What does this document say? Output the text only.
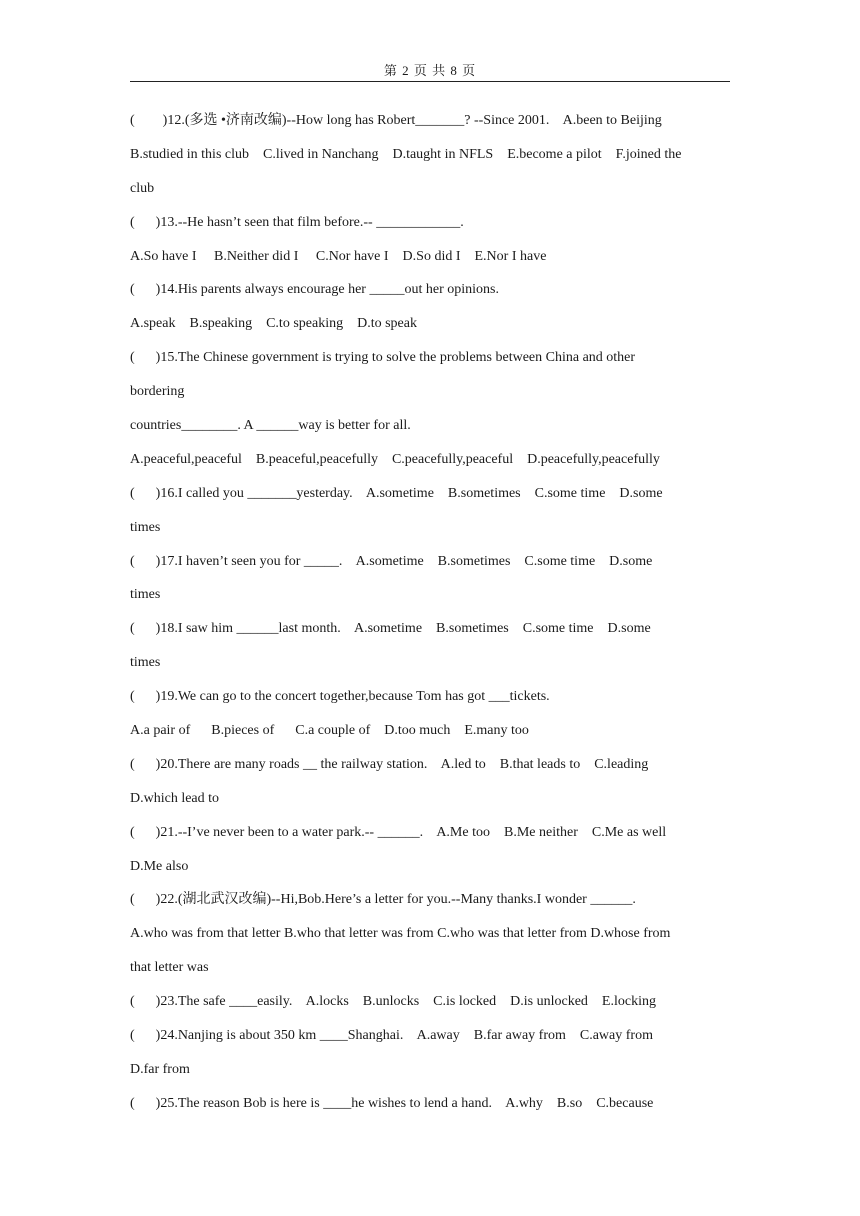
第 2 页 共 8 页
(        )12.(多选 •济南改编)--How long has Robert_______? --Since 2001.    A.been to Beijing
B.studied in this club    C.lived in Nanchang    D.taught in NFLS    E.become a pilot    F.joined the
club
(      )13.--He hasn’t seen that film before.-- ____________.
A.So have I     B.Neither did I     C.Nor have I    D.So did I    E.Nor I have
(      )14.His parents always encourage her _____out her opinions.
A.speak    B.speaking    C.to speaking    D.to speak
(      )15.The Chinese government is trying to solve the problems between China and other
bordering
countries________. A ______way is better for all.
A.peaceful,peaceful    B.peaceful,peacefully    C.peacefully,peaceful    D.peacefully,peacefully
(      )16.I called you _______yesterday.    A.sometime    B.sometimes    C.some time    D.some
times
(      )17.I haven’t seen you for _____.    A.sometime    B.sometimes    C.some time    D.some
times
(      )18.I saw him ______last month.    A.sometime    B.sometimes    C.some time    D.some
times
(      )19.We can go to the concert together,because Tom has got ___tickets.
A.a pair of      B.pieces of      C.a couple of    D.too much    E.many too
(      )20.There are many roads __ the railway station.    A.led to    B.that leads to    C.leading
D.which lead to
(      )21.--I’ve never been to a water park.-- ______.    A.Me too    B.Me neither    C.Me as well
D.Me also
(      )22.(湖北武汉改编)--Hi,Bob.Here’s a letter for you.--Many thanks.I wonder ______.
A.who was from that letter B.who that letter was from C.who was that letter from D.whose from
that letter was
(      )23.The safe ____easily.    A.locks    B.unlocks    C.is locked    D.is unlocked    E.locking
(      )24.Nanjing is about 350 km ____Shanghai.    A.away    B.far away from    C.away from
D.far from
(      )25.The reason Bob is here is ____he wishes to lend a hand.    A.why    B.so    C.because
